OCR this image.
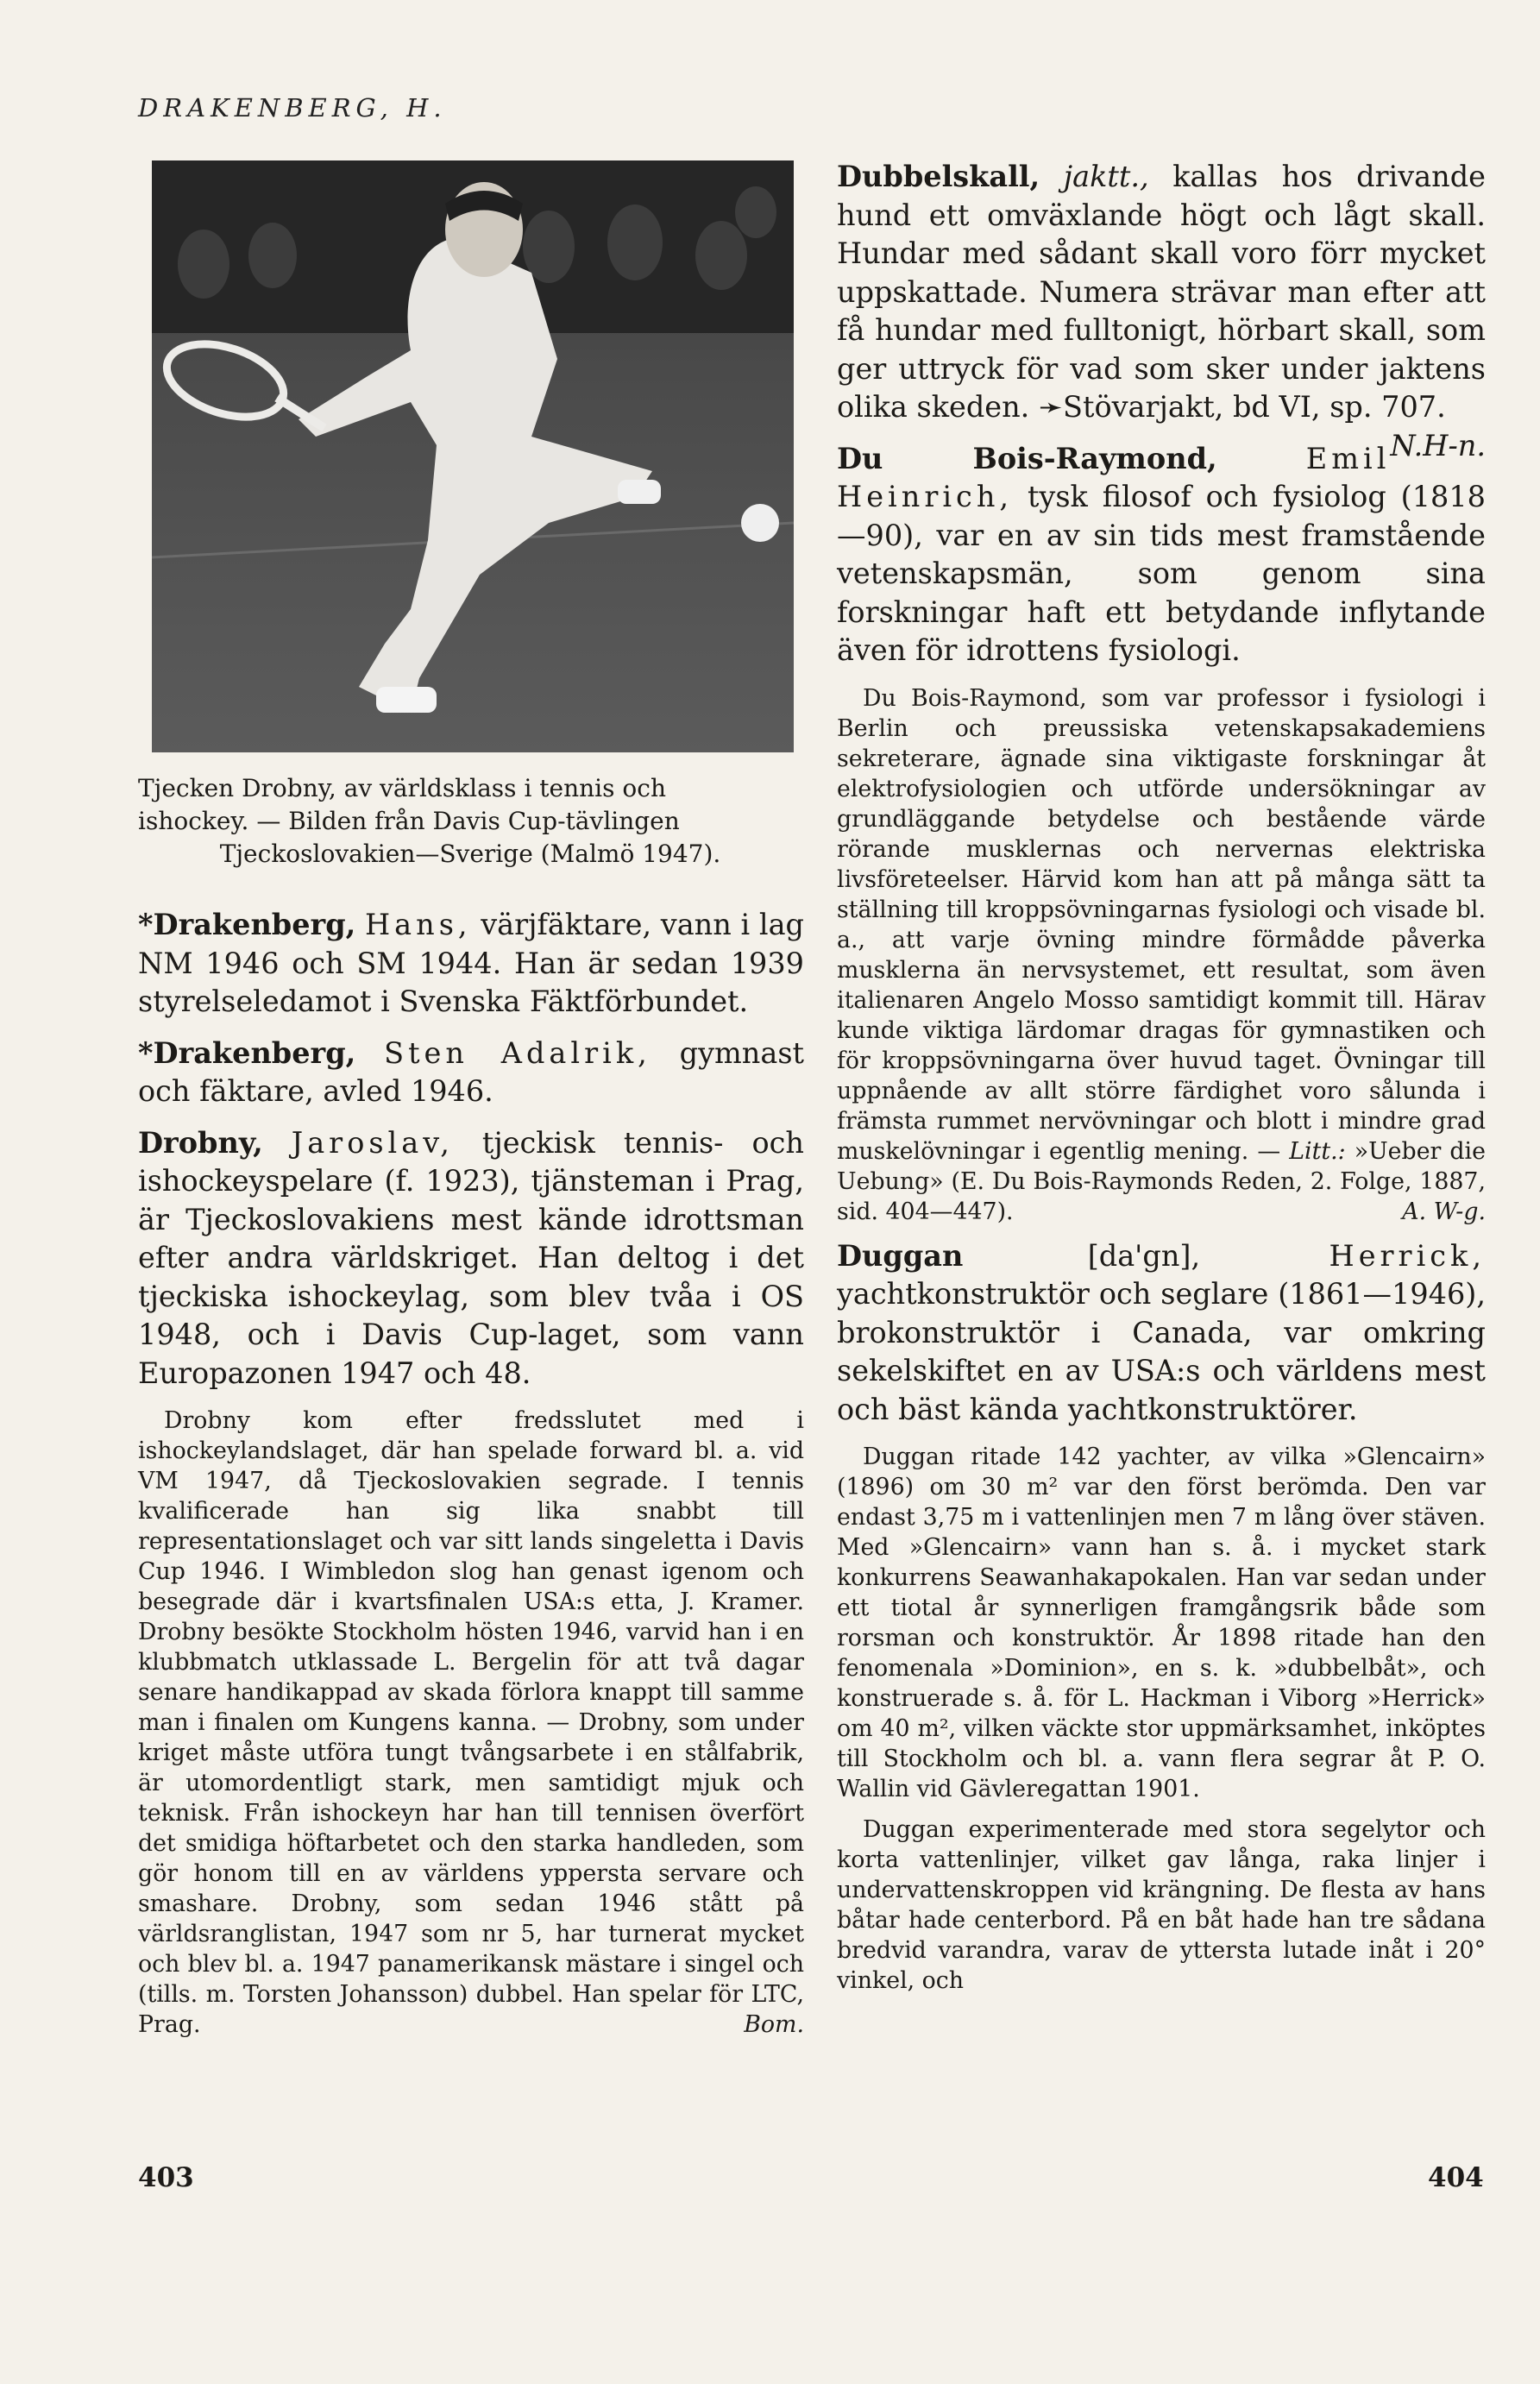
DRAKENBERG, H.
Tjecken Drobny, av världsklass i tennis och
ishockey. — Bilden från Davis Cup-tävlingen
Tjeckoslovakien—Sverige (Malmö 1947).

*Drakenberg, Hans, värjfäktare, vann i lag NM 1946 och SM 1944. Han är sedan 1939 styrelseledamot i Svenska Fäktförbundet.

*Drakenberg, Sten Adalrik, gymnast och fäktare, avled 1946.

Drobny, Jaroslav, tjeckisk tennis- och ishockeyspelare (f. 1923), tjänsteman i Prag, är Tjeckoslovakiens mest kände idrottsman efter andra världskriget. Han deltog i det tjeckiska ishockeylag, som blev tvåa i OS 1948, och i Davis Cup-laget, som vann Europazonen 1947 och 48.

Drobny kom efter fredsslutet med i ishockeylandslaget, där han spelade forward bl. a. vid VM 1947, då Tjeckoslovakien segrade. I tennis kvalificerade han sig lika snabbt till representationslaget och var sitt lands singeletta i Davis Cup 1946. I Wimbledon slog han genast igenom och besegrade där i kvartsfinalen USA:s etta, J. Kramer. Drobny besökte Stockholm hösten 1946, varvid han i en klubbmatch utklassade L. Bergelin för att två dagar senare handikappad av skada förlora knappt till samme man i finalen om Kungens kanna. — Drobny, som under kriget måste utföra tungt tvångsarbete i en stålfabrik, är utomordentligt stark, men samtidigt mjuk och teknisk. Från ishockeyn har han till tennisen överfört det smidiga höftarbetet och den starka handleden, som gör honom till en av världens yppersta servare och smashare. Drobny, som sedan 1946 stått på världsranglistan, 1947 som nr 5, har turnerat mycket och blev bl. a. 1947 panamerikansk mästare i singel och (tills. m. Torsten Johansson) dubbel. Han spelar för LTC, Prag.	Bom.

Dubbelskall, jaktt., kallas hos drivande hund ett omväxlande högt och lågt skall. Hundar med sådant skall voro förr mycket uppskattade. Numera strävar man efter att få hundar med fulltonigt, hörbart skall, som ger uttryck för vad som sker under jaktens olika skeden. ➛Stövarjakt, bd VI, sp. 707.
N.H-n.

Du Bois-Raymond,	Emil Heinrich, tysk filosof och fysiolog (1818—90), var en av sin tids mest framstående vetenskapsmän, som genom sina forskningar haft ett betydande inflytande även för idrottens fysiologi.

Du Bois-Raymond, som var professor i fysiologi i Berlin och preussiska vetenskapsakademiens sekreterare, ägnade sina viktigaste forskningar åt elektrofysiologien och utförde undersökningar av grundläggande betydelse och bestående värde rörande musklernas och nervernas elektriska livsföreteelser. Härvid kom han att på många sätt ta ställning till kroppsövningarnas fysiologi och visade bl. a., att varje övning mindre förmådde påverka musklerna än nervsystemet, ett resultat, som även italienaren Angelo Mosso samtidigt kommit till. Härav kunde viktiga lärdomar dragas för gymnastiken och för kroppsövningarna över huvud taget. Övningar till uppnående av allt större färdighet voro sålunda i främsta rummet nervövningar och blott i mindre grad muskelövningar i egentlig mening. — Litt.: »Ueber die Uebung» (E. Du Bois-Raymonds Reden, 2. Folge, 1887, sid. 404—447).	A. W-g.

Duggan [da'gn], Herrick, yachtkonstruktör och seglare (1861—1946), brokonstruktör i Canada, var omkring sekelskiftet en av USA:s och världens mest och bäst kända yachtkonstruktörer.

Duggan ritade 142 yachter, av vilka »Glencairn» (1896) om 30 m² var den först berömda. Den var endast 3,75 m i vattenlinjen men 7 m lång över stäven. Med »Glencairn» vann han s. å. i mycket stark konkurrens Seawanhakapokalen. Han var sedan under ett tiotal år synnerligen framgångsrik både som rorsman och konstruktör. År 1898 ritade han den fenomenala »Dominion», en s. k. »dubbelbåt», och konstruerade s. å. för L. Hackman i Viborg »Herrick» om 40 m², vilken väckte stor uppmärksamhet, inköptes till Stockholm och bl. a. vann flera segrar åt P. O. Wallin vid Gävleregattan 1901.

Duggan experimenterade med stora segelytor och korta vattenlinjer, vilket gav långa, raka linjer i undervattenskroppen vid krängning. De flesta av hans båtar hade centerbord. På en båt hade han tre sådana bredvid varandra, varav de yttersta lutade inåt i 20° vinkel, och

403	404
